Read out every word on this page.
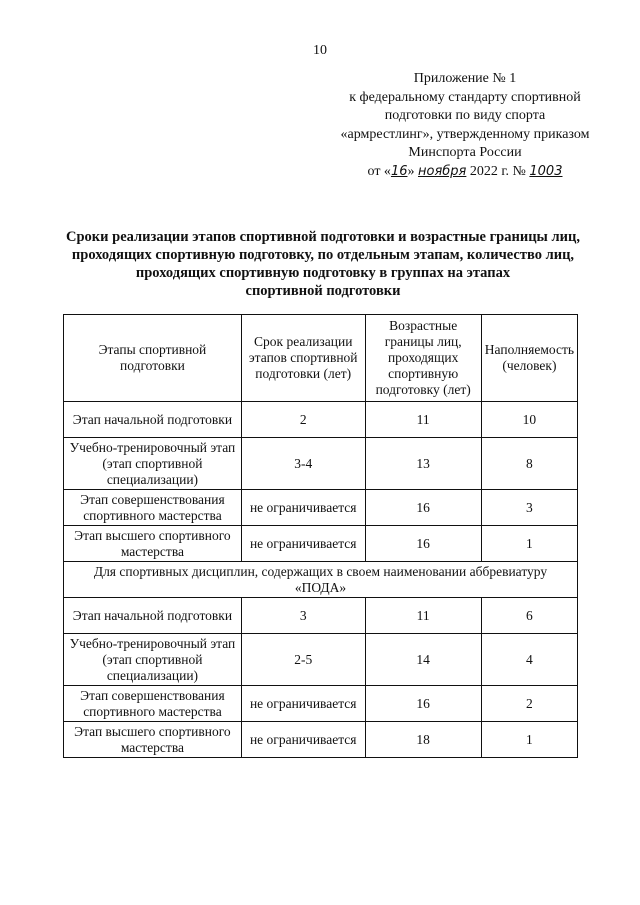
10
Приложение № 1
к федеральному стандарту спортивной
подготовки по виду спорта
«армрестлинг», утвержденному приказом
Минспорта России
от «16» ноября 2022 г. № 1003
Сроки реализации этапов спортивной подготовки и возрастные границы лиц,
проходящих спортивную подготовку, по отдельным этапам, количество лиц,
проходящих спортивную подготовку в группах на этапах
спортивной подготовки
Этапы спортивной подготовки	Срок реализации этапов спортивной подготовки (лет)	Возрастные границы лиц, проходящих спортивную подготовку (лет)	Наполняемость (человек)
Этап начальной подготовки	2	11	10
Учебно-тренировочный этап (этап спортивной специализации)	3-4	13	8
Этап совершенствования спортивного мастерства	не ограничивается	16	3
Этап высшего спортивного мастерства	не ограничивается	16	1
Для спортивных дисциплин, содержащих в своем наименовании аббревиатуру «ПОДА»			
Этап начальной подготовки	3	11	6
Учебно-тренировочный этап (этап спортивной специализации)	2-5	14	4
Этап совершенствования спортивного мастерства	не ограничивается	16	2
Этап высшего спортивного мастерства	не ограничивается	18	1
